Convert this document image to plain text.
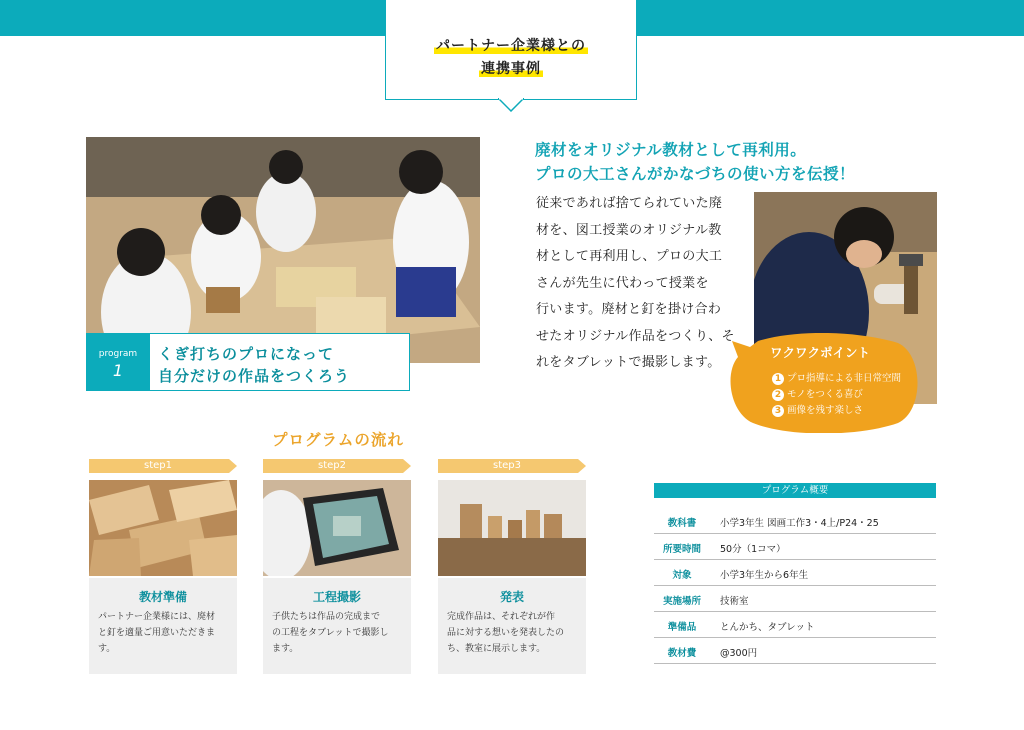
パートナー企業様との
連携事例
program
1
くぎ打ちのプロになって
自分だけの作品をつくろう
廃材をオリジナル教材として再利用。
プロの大工さんがかなづちの使い方を伝授！
従来であれば捨てられていた廃
材を、図工授業のオリジナル教
材として再利用し、プロの大工
さんが先生に代わって授業を
行います。廃材と釘を掛け合わ
せたオリジナル作品をつくり、そ
れをタブレットで撮影します。
ワクワクポイント
1 プロ指導による非日常空間
2 モノをつくる喜び
3 画像を残す楽しさ
プログラムの流れ
step1
教材準備
パートナー企業様には、廃材
と釘を適量ご用意いただきま
す。
step2
工程撮影
子供たちは作品の完成まで
の工程をタブレットで撮影し
ます。
step3
発表
完成作品は、それぞれが作
品に対する想いを発表したの
ち、教室に展示します。
プログラム概要
教科書	小学3年生 図画工作3・4上/P24・25
所要時間	50分（1コマ）
対象	小学3年生から6年生
実施場所	技術室
準備品	とんかち、タブレット
教材費	@300円
